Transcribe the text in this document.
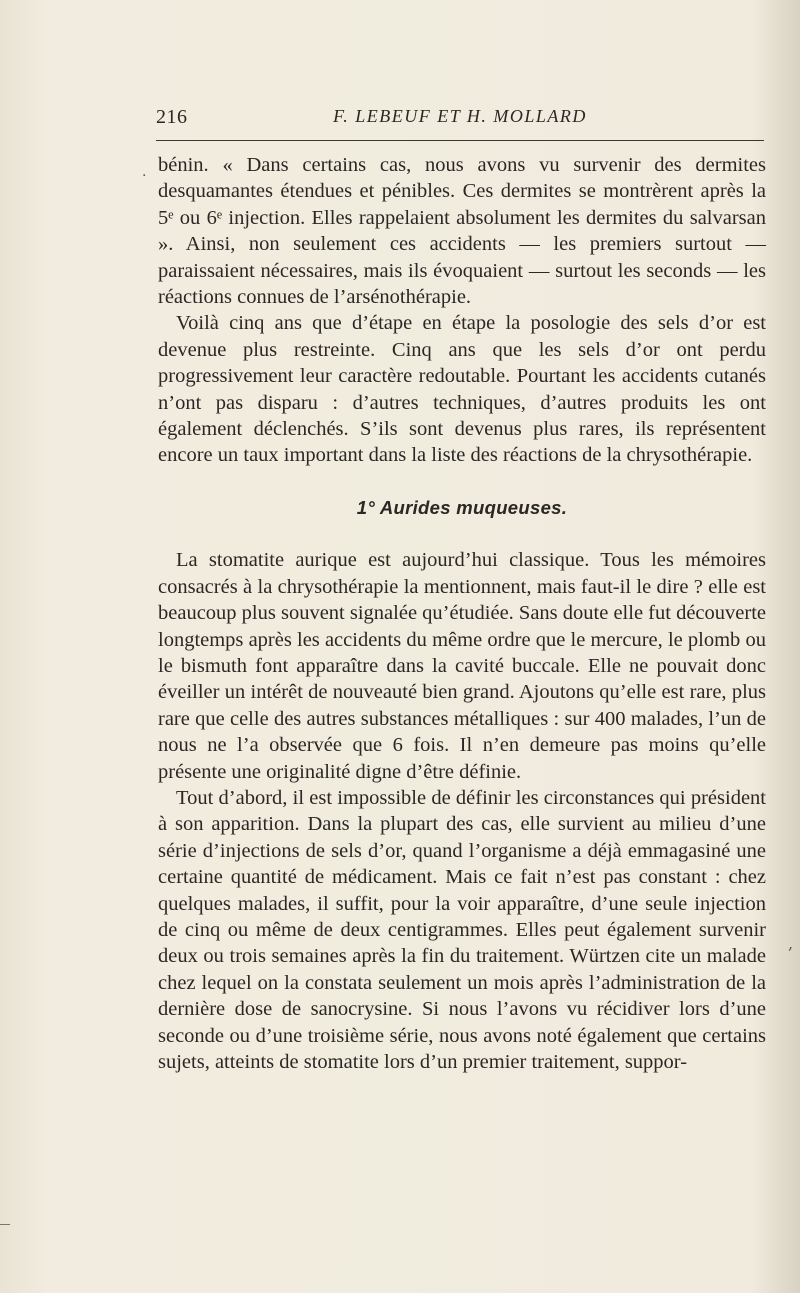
216	F. LEBEUF ET H. MOLLARD
.
,

bénin. « Dans certains cas, nous avons vu survenir des dermites desquamantes étendues et pénibles. Ces dermites se montrèrent après la 5ᵉ ou 6ᵉ injection. Elles rappelaient absolument les dermites du salvarsan ». Ainsi, non seulement ces accidents — les premiers surtout — paraissaient nécessaires, mais ils évoquaient — surtout les seconds — les réactions connues de l’arsénothérapie.

Voilà cinq ans que d’étape en étape la posologie des sels d’or est devenue plus restreinte. Cinq ans que les sels d’or ont perdu progressivement leur caractère redoutable. Pourtant les accidents cutanés n’ont pas disparu : d’autres techniques, d’autres produits les ont également déclenchés. S’ils sont devenus plus rares, ils représentent encore un taux important dans la liste des réactions de la chrysothérapie.

1° Aurides muqueuses.

La stomatite aurique est aujourd’hui classique. Tous les mémoires consacrés à la chrysothérapie la mentionnent, mais faut-il le dire ? elle est beaucoup plus souvent signalée qu’étudiée. Sans doute elle fut découverte longtemps après les accidents du même ordre que le mercure, le plomb ou le bismuth font apparaître dans la cavité buccale. Elle ne pouvait donc éveiller un intérêt de nouveauté bien grand. Ajoutons qu’elle est rare, plus rare que celle des autres substances métalliques : sur 400 malades, l’un de nous ne l’a observée que 6 fois. Il n’en demeure pas moins qu’elle présente une originalité digne d’être définie.

Tout d’abord, il est impossible de définir les circonstances qui président à son apparition. Dans la plupart des cas, elle survient au milieu d’une série d’injections de sels d’or, quand l’organisme a déjà emmagasiné une certaine quantité de médicament. Mais ce fait n’est pas constant : chez quelques malades, il suffit, pour la voir apparaître, d’une seule injection de cinq ou même de deux centigrammes. Elles peut également survenir deux ou trois semaines après la fin du traitement. Würtzen cite un malade chez lequel on la constata seulement un mois après l’administration de la dernière dose de sanocrysine. Si nous l’avons vu récidiver lors d’une seconde ou d’une troisième série, nous avons noté également que certains sujets, atteints de stomatite lors d’un premier traitement, suppor-
